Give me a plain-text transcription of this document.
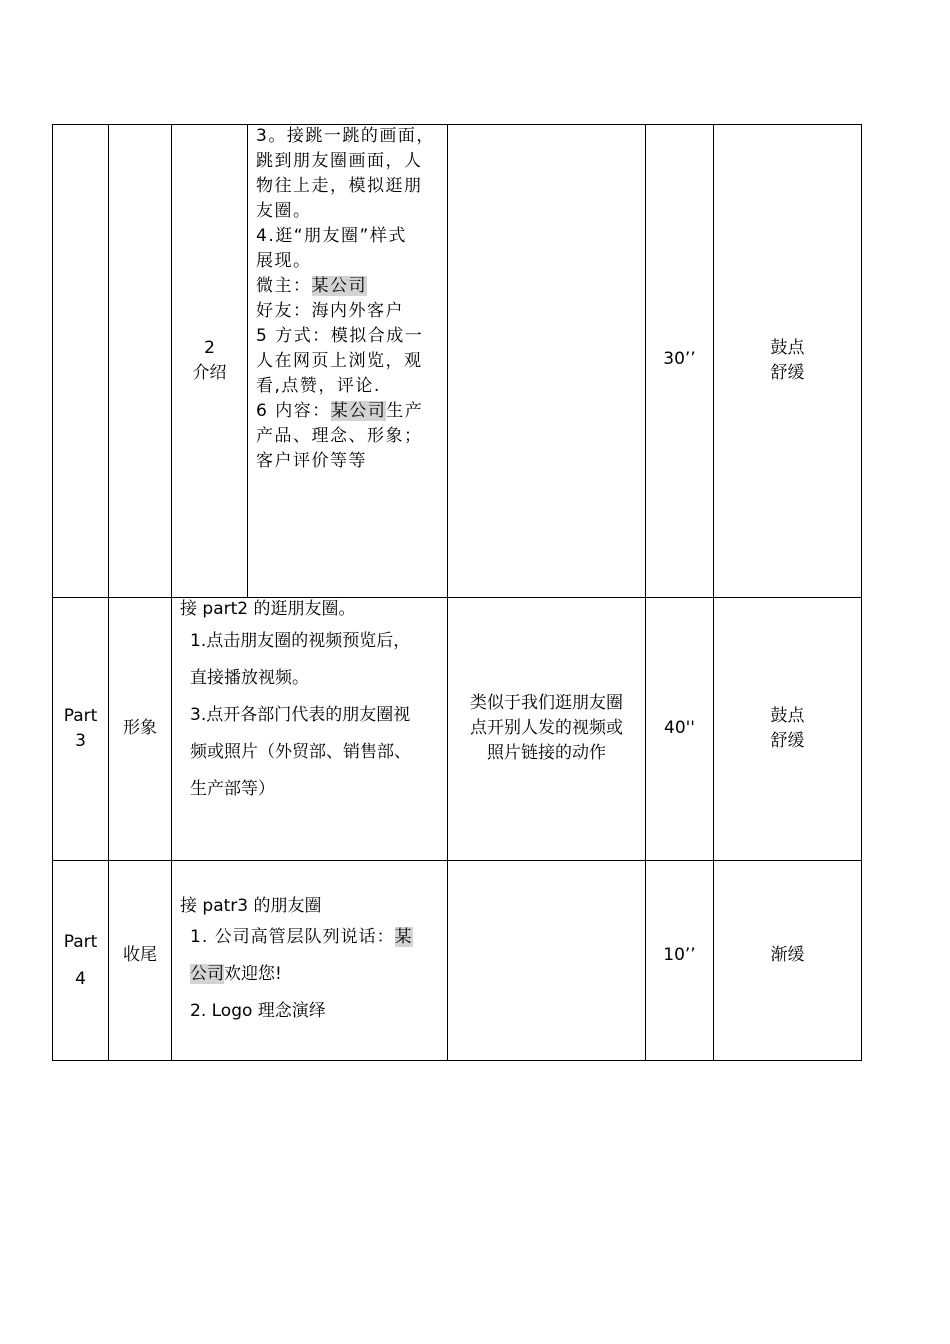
2
介绍
3。接跳一跳的画面，
跳到朋友圈画面，人
物往上走，模拟逛朋
友圈。
4.逛“朋友圈”样式
展现。
微主：某公司
好友：海内外客户
5 方式：模拟合成一
人在网页上浏览，观
看,点赞，评论.
6 内容：某公司生产
产品、理念、形象；
客户评价等等
30’’
鼓点
舒缓
Part
3
形象
接 part2 的逛朋友圈。
1.点击朋友圈的视频预览后，
直接播放视频。
3.点开各部门代表的朋友圈视
频或照片（外贸部、销售部、
生产部等）
类似于我们逛朋友圈
点开别人发的视频或
照片链接的动作
40''
鼓点
舒缓
Part
4
收尾
接 patr3 的朋友圈
1. 公司高管层队列说话：某
公司欢迎您!
2. Logo 理念演绎
10’’	渐缓
